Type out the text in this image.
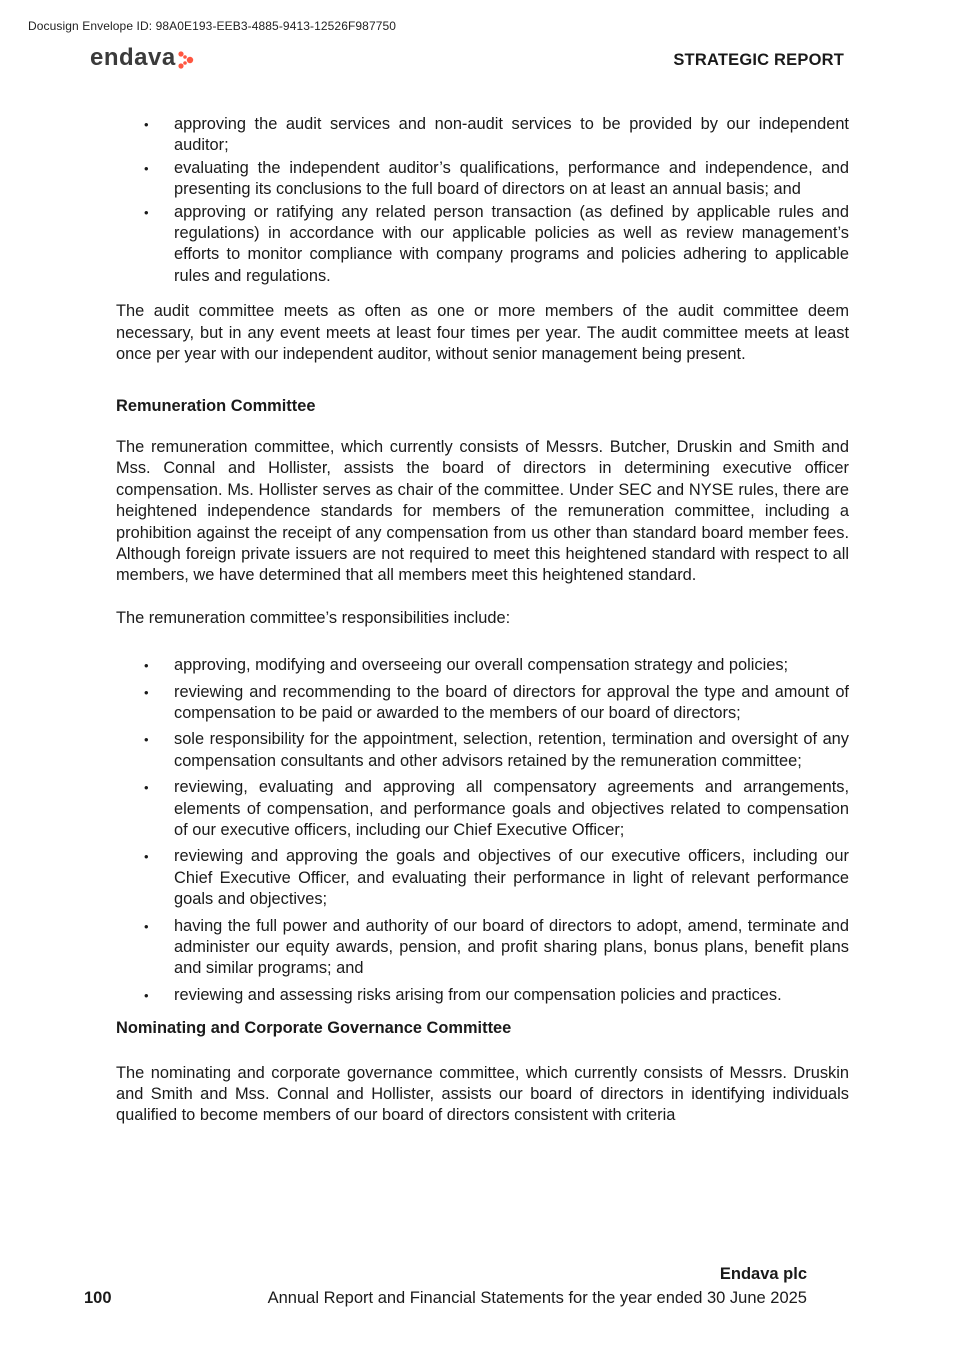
Docusign Envelope ID: 98A0E193-EEB3-4885-9413-12526F987750
endava	STRATEGIC REPORT
• approving the audit services and non-audit services to be provided by our independent auditor;
• evaluating the independent auditor’s qualifications, performance and independence, and presenting its conclusions to the full board of directors on at least an annual basis; and
• approving or ratifying any related person transaction (as defined by applicable rules and regulations) in accordance with our applicable policies as well as review management’s efforts to monitor compliance with company programs and policies adhering to applicable rules and regulations.

The audit committee meets as often as one or more members of the audit committee deem necessary, but in any event meets at least four times per year. The audit committee meets at least once per year with our independent auditor, without senior management being present.

Remuneration Committee

The remuneration committee, which currently consists of Messrs. Butcher, Druskin and Smith and Mss. Connal and Hollister, assists the board of directors in determining executive officer compensation. Ms. Hollister serves as chair of the committee. Under SEC and NYSE rules, there are heightened independence standards for members of the remuneration committee, including a prohibition against the receipt of any compensation from us other than standard board member fees. Although foreign private issuers are not required to meet this heightened standard with respect to all members, we have determined that all members meet this heightened standard.

The remuneration committee’s responsibilities include:

• approving, modifying and overseeing our overall compensation strategy and policies;
• reviewing and recommending to the board of directors for approval the type and amount of compensation to be paid or awarded to the members of our board of directors;
• sole responsibility for the appointment, selection, retention, termination and oversight of any compensation consultants and other advisors retained by the remuneration committee;
• reviewing, evaluating and approving all compensatory agreements and arrangements, elements of compensation, and performance goals and objectives related to compensation of our executive officers, including our Chief Executive Officer;
• reviewing and approving the goals and objectives of our executive officers, including our Chief Executive Officer, and evaluating their performance in light of relevant performance goals and objectives;
• having the full power and authority of our board of directors to adopt, amend, terminate and administer our equity awards, pension, and profit sharing plans, bonus plans, benefit plans and similar programs; and
• reviewing and assessing risks arising from our compensation policies and practices.
Nominating and Corporate Governance Committee

The nominating and corporate governance committee, which currently consists of Messrs. Druskin and Smith and Mss. Connal and Hollister, assists our board of directors in identifying individuals qualified to become members of our board of directors consistent with criteria

Endava plc
100	Annual Report and Financial Statements for the year ended 30 June 2025
